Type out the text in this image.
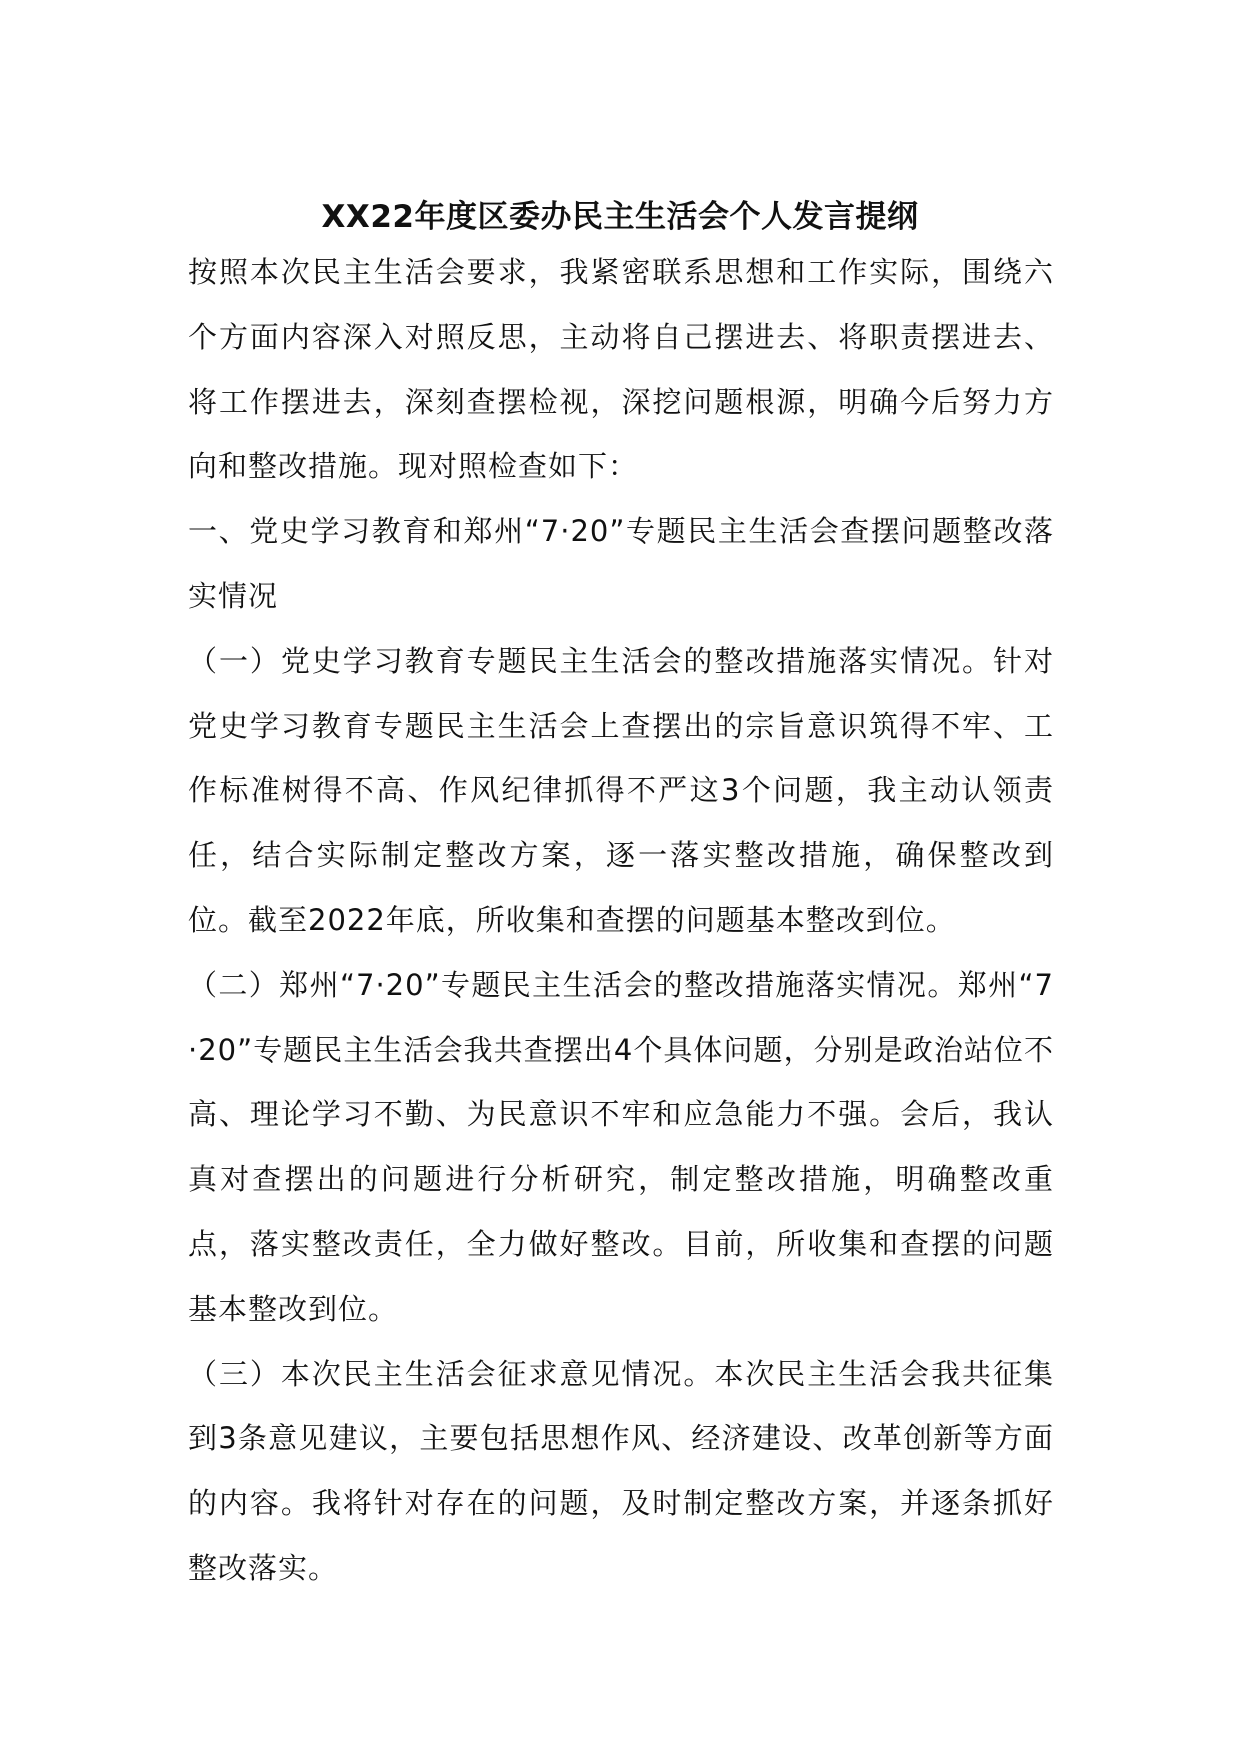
XX22年度区委办民主生活会个人发言提纲

按照本次民主生活会要求，我紧密联系思想和工作实际，围绕六个方面内容深入对照反思，主动将自己摆进去、将职责摆进去、将工作摆进去，深刻查摆检视，深挖问题根源，明确今后努力方向和整改措施。现对照检查如下：

一、党史学习教育和郑州“7·20”专题民主生活会查摆问题整改落实情况

（一）党史学习教育专题民主生活会的整改措施落实情况。针对党史学习教育专题民主生活会上查摆出的宗旨意识筑得不牢、工作标准树得不高、作风纪律抓得不严这3个问题，我主动认领责任，结合实际制定整改方案，逐一落实整改措施，确保整改到位。截至2022年底，所收集和查摆的问题基本整改到位。

（二）郑州“7·20”专题民主生活会的整改措施落实情况。郑州“7·20”专题民主生活会我共查摆出4个具体问题，分别是政治站位不高、理论学习不勤、为民意识不牢和应急能力不强。会后，我认真对查摆出的问题进行分析研究，制定整改措施，明确整改重点，落实整改责任，全力做好整改。目前，所收集和查摆的问题基本整改到位。

（三）本次民主生活会征求意见情况。本次民主生活会我共征集到3条意见建议，主要包括思想作风、经济建设、改革创新等方面的内容。我将针对存在的问题，及时制定整改方案，并逐条抓好整改落实。
